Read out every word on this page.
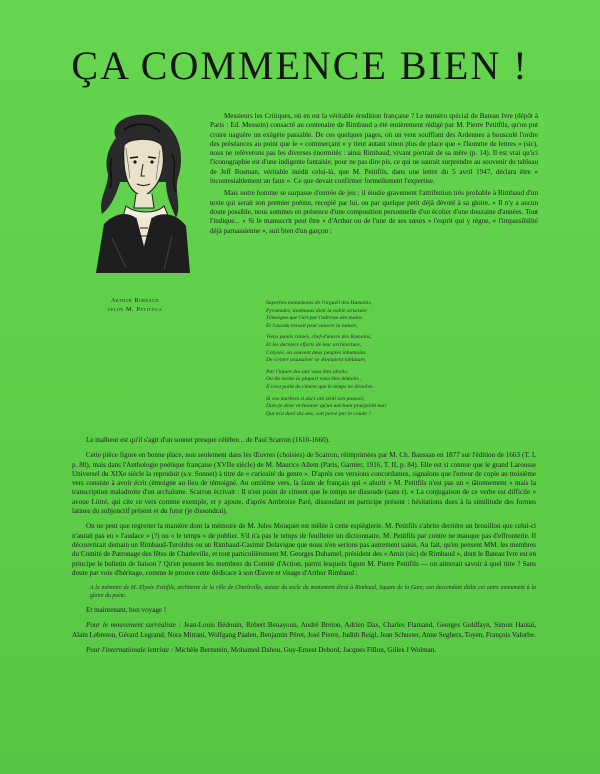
ÇA COMMENCE BIEN !
Arthur Rimbaud
selon M. Petitfils

Messieurs les Critiques, où en est la véritable érudition française ? Le numéro spécial du Bateau Ivre (dépôt à Paris : Ed. Messein) consacré au centenaire de Rimbaud a été entièrement rédigé par M. Pierre Petitfils, qu'on put croire naguère un exégète passable. De ces quelques pages, où un vent soufflant des Ardennes a bousculé l'ordre des préséances au point que le « commerçant » y tient autant sinon plus de place que « l'homme de lettres » (sic), nous ne relèverons pas les diverses énormités : ainsi Rimbaud, vivant portrait de sa mère (p. 14). Il est vrai qu'ici l'iconographie est d'une indigente fantaisie, pour ne pas dire pis, ce qui ne saurait surprendre au souvenir du tableau de Jeff Rosman, véritable inédit celui-là, que M. Petitfils, dans une lettre du 5 avril 1947, déclara être « incontestablement un faux ». Ce que devait confirmer formellement l'expertise.

Mais notre homme se surpasse d'entrée de jeu : il étudie gravement l'attribution très probable à Rimbaud d'un texte qui serait son premier poème, recopié par lui, ou par quelque petit déjà dévoté à sa gloire. « Il n'y a aucun doute possible, nous sommes en présence d'une composition personnelle d'un écolier d'une douzaine d'années. Tout l'indique... » Si le manuscrit peut être « d'Arthur ou de l'une de ses sœurs » l'esprit qui y règne, « l'impassibilité déjà parnassienne », suit bien d'un garçon :

Superbes monuments de l'orgueil des Humains,
Pyramides, tombeaux dont la noble structure
Témoigne que l'art par l'adresse des mains
Et l'assidu travail peut vaincre la nature,
Vieux palais ruinés, chef-d'œuvre des Romains,
Et les derniers efforts de leur architecture,
Colysée, où souvent deux peuples inhumains
De s'entre assassiner se donnaient tablature,
Par l'injure des ans vous êtes abolis,
Ou du moins la plupart vous êtes démolis ;
Il n'est point de ciment que le temps ne dissolve.
Si vos marbres si durs ont senti son pouvoir,
Dois-je donc m'étonner qu'un méchant pourpoint noir
Qui m'a duré dix ans, soit percé par le coude ?

Le malheur est qu'il s'agit d'un sonnet presque célèbre... de Paul Scarron (1610-1660).

Cette pièce figure en bonne place, non seulement dans les Œuvres (choisies) de Scarron, réimprimées par M. Ch. Baussan en 1877 sur l'édition de 1663 (T. I, p. 80), mais dans l'Anthologie poétique française (XVIIe siècle) de M. Maurice Allem (Paris, Garnier, 1916, T. II, p. 84). Elle est si connue que le grand Larousse Universel du XIXe siècle la reproduit (s.v. Sonnet) à titre de « curiosité du genre ». D'après ces versions concordantes, signalons que l'erreur de copie au troisième vers consiste à avoir écrit (émoigne au lieu de témoigné. Au onzième vers, la faute de français qui « ahurit » M. Petitfils n'est pas un « tâtonnement » mais la transcription maladroite d'un archaïsme. Scarron écrivait : Il n'est point de ciment que le temps ne dissoude (sans r). « La conjugaison de ce verbe est difficile » avoue Littré, qui cite ce vers comme exemple, et y ajoute, d'après Ambroise Paré, dissoudant en participe présent : hésitations dues à la similitude des formes latines du subjonctif présent et du futur (je dissondrai).

On ne peut que regretter la manière dont la mémoire de M. Jules Mouquet est mêlée à cette espièglerie. M. Petitfils s'abrite derrière un brouillon que celui-ci n'aurait pas eu « l'audace » (?) ou « le temps » de publier. S'il n'a pas le temps de feuilleter un dictionnaire, M. Petitfils par contre ne manque pas d'effronterie. Il découvrirait demain un Rimbaud-Turoldus ou un Rimbaud-Casimir Delavigne que nous n'en serions pas autrement saisis. Au fait, qu'en pensent MM. les membres du Comité de Patronage des fêtes de Charleville, et tout particulièrement M. Georges Duhamel, président des « Amis (sic) de Rimbaud », dont le Bateau Ivre est en principe le bulletin de liaison ? Qu'en pensent les membres du Comité d'Action, parmi lesquels figure M. Pierre Petitfils — on aimerait savoir à quel titre ? Sans doute par voie d'héritage, comme le prouve cette dédicace à son Œuvre et visage d'Arthur Rimbaud :

A la mémoire de M. Elysée Petitfils, architecte de la ville de Charleville, auteur du socle du monument élevé à Rimbaud, Square de la Gare, son descendant dédie cet autre monument à la gloire du poète.

Et maintenant, bon voyage !

Pour le mouvement surréaliste : Jean-Louis Bédouin, Robert Benayoun, André Breton, Adrien Dax, Charles Flamand, Georges Goldfayn, Simon Hantaï, Alain Lebreton, Gérard Legrand, Nora Mitrani, Wolfgang Paalen, Benjamin Péret, José Pierre, Judith Reigl, Jean Schuster, Anne Seghers, Toyen, François Valorbe.

Pour l'internationale lettriste : Michèle Bernstein, Mohamed Dahou, Guy-Ernest Debord, Jacques Fillon, Gilles J Wolman.
